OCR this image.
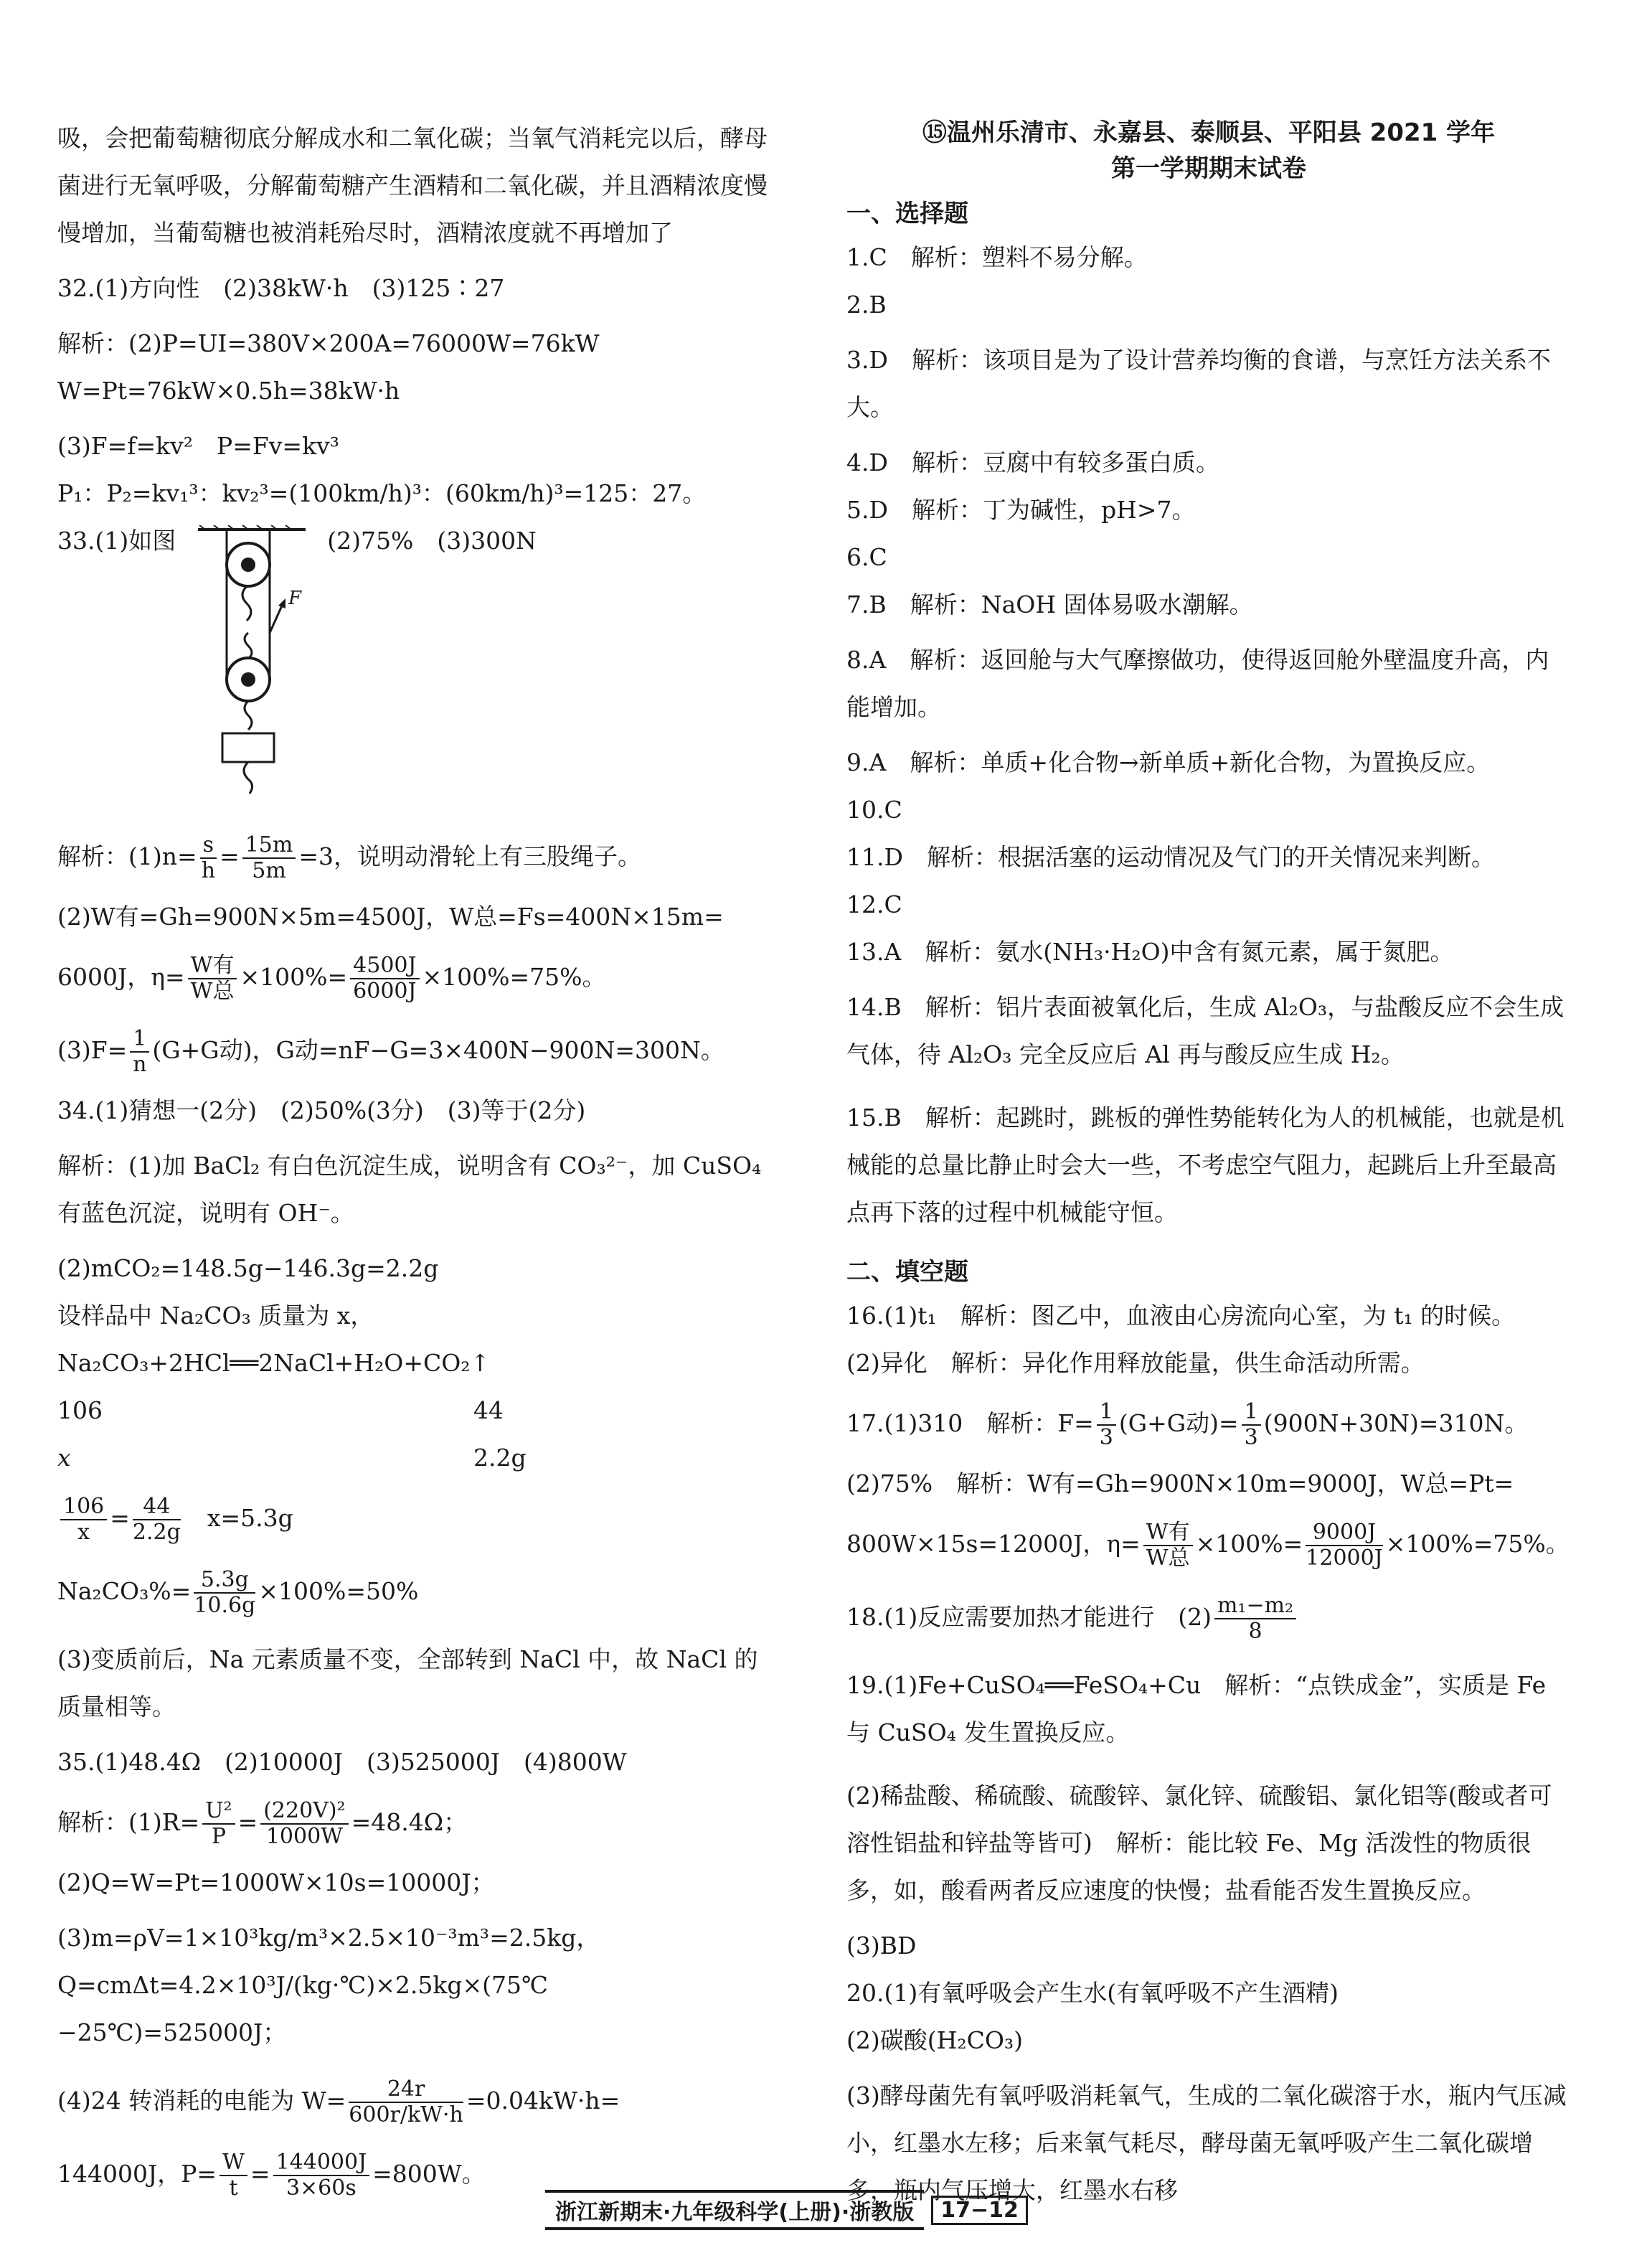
吸，会把葡萄糖彻底分解成水和二氧化碳；当氧气消耗完以后，酵母菌进行无氧呼吸，分解葡萄糖产生酒精和二氧化碳，并且酒精浓度慢慢增加，当葡萄糖也被消耗殆尽时，酒精浓度就不再增加了

32.(1)方向性　(2)38kW·h　(3)125∶27

解析：(2)P=UI=380V×200A=76000W=76kW　W=Pt=76kW×0.5h=38kW·h

(3)F=f=kv²　P=Fv=kv³

P₁：P₂=kv₁³：kv₂³=(100km/h)³：(60km/h)³=125：27。

33.(1)如图
F
(2)75%　(3)300N

解析：$(1)n= \frac{s}{h} = \frac{15m}{5m} =3$，说明动滑轮上有三股绳子。

(2)W有=Gh=900N×5m=4500J，W总=Fs=400N×15m=

6000J，$\eta= \frac{\text{W有}}{\text{W总}} \times 100\%= \frac{4500J}{6000J} \times 100\%=75\%$。

$(3)F= \frac{1}{n} (G+G$动)，G动=nF−G=3×400N−900N=300N。

34.(1)猜想一(2分)　(2)50%(3分)　(3)等于(2分)

解析：(1)加 BaCl₂ 有白色沉淀生成，说明含有 CO₃²⁻，加 CuSO₄ 有蓝色沉淀，说明有 OH⁻。

(2)mCO₂=148.5g−146.3g=2.2g

设样品中 Na₂CO₃ 质量为 x，

Na₂CO₃+2HCl══2NaCl+H₂O+CO₂↑

106	44

x	2.2g

$\frac{106}{x} = \frac{44}{2.2g}$
　 x=5.3g

$Na_2CO_3\%= \frac{5.3g}{10.6g} \times 100\%=50\%$

(3)变质前后，Na 元素质量不变，全部转到 NaCl 中，故 NaCl 的质量相等。

35.(1)48.4Ω　(2)10000J　(3)525000J　(4)800W

解析：$(1)R= \frac{\text{U²}}{P} = \frac{\text{(220V)²}}{1000W} =48.4\Omega$；

(2)Q=W=Pt=1000W×10s=10000J；

(3)m=ρV=1×10³kg/m³×2.5×10⁻³m³=2.5kg，Q=cmΔt=4.2×10³J/(kg·℃)×2.5kg×(75℃−25℃)=525000J；

(4)24 转消耗的电能为 $W= \frac{24r}{600r/kW\cdot h} =0.04kW\cdot h=$

144000J，$P= \frac{W}{t} = \frac{144000J}{3\times 60s} =800W$。

⑮温州乐清市、永嘉县、泰顺县、平阳县 2021 学年
第一学期期末试卷
一、选择题

1.C　解析：塑料不易分解。

2.B

3.D　解析：该项目是为了设计营养均衡的食谱，与烹饪方法关系不大。

4.D　解析：豆腐中有较多蛋白质。

5.D　解析：丁为碱性，pH>7。

6.C

7.B　解析：NaOH 固体易吸水潮解。

8.A　解析：返回舱与大气摩擦做功，使得返回舱外壁温度升高，内能增加。

9.A　解析：单质+化合物→新单质+新化合物，为置换反应。

10.C

11.D　解析：根据活塞的运动情况及气门的开关情况来判断。

12.C

13.A　解析：氨水(NH₃·H₂O)中含有氮元素，属于氮肥。

14.B　解析：铝片表面被氧化后，生成 Al₂O₃，与盐酸反应不会生成气体，待 Al₂O₃ 完全反应后 Al 再与酸反应生成 H₂。

15.B　解析：起跳时，跳板的弹性势能转化为人的机械能，也就是机械能的总量比静止时会大一些，不考虑空气阻力，起跳后上升至最高点再下落的过程中机械能守恒。

二、填空题

16.(1)t₁　解析：图乙中，血液由心房流向心室，为 t₁ 的时候。

(2)异化　解析：异化作用释放能量，供生命活动所需。

17.(1)310　解析：$F= \frac{1}{3} (G+G$动)= $\frac{1}{3} (900N+30N)=310N$。

(2)75%　解析：W有=Gh=900N×10m=9000J，W总=Pt=

800W×15s=12000J，$\eta= \frac{\text{W有}}{\text{W总}} \times 100\%= \frac{9000J}{12000J} \times 100\%=75\%$。

18.(1)反应需要加热才能进行　$(2) \frac{\text{m₁−m₂}}{8}$

19.(1)Fe+CuSO₄══FeSO₄+Cu　解析：“点铁成金”，实质是 Fe 与 CuSO₄ 发生置换反应。

(2)稀盐酸、稀硫酸、硫酸锌、氯化锌、硫酸铝、氯化铝等(酸或者可溶性铝盐和锌盐等皆可)　解析：能比较 Fe、Mg 活泼性的物质很多，如，酸看两者反应速度的快慢；盐看能否发生置换反应。

(3)BD

20.(1)有氧呼吸会产生水(有氧呼吸不产生酒精)

(2)碳酸(H₂CO₃)

(3)酵母菌先有氧呼吸消耗氧气，生成的二氧化碳溶于水，瓶内气压减小，红墨水左移；后来氧气耗尽，酵母菌无氧呼吸产生二氧化碳增多，瓶内气压增大，红墨水右移

浙江新期末·九年级科学(上册)·浙教版	17−12
